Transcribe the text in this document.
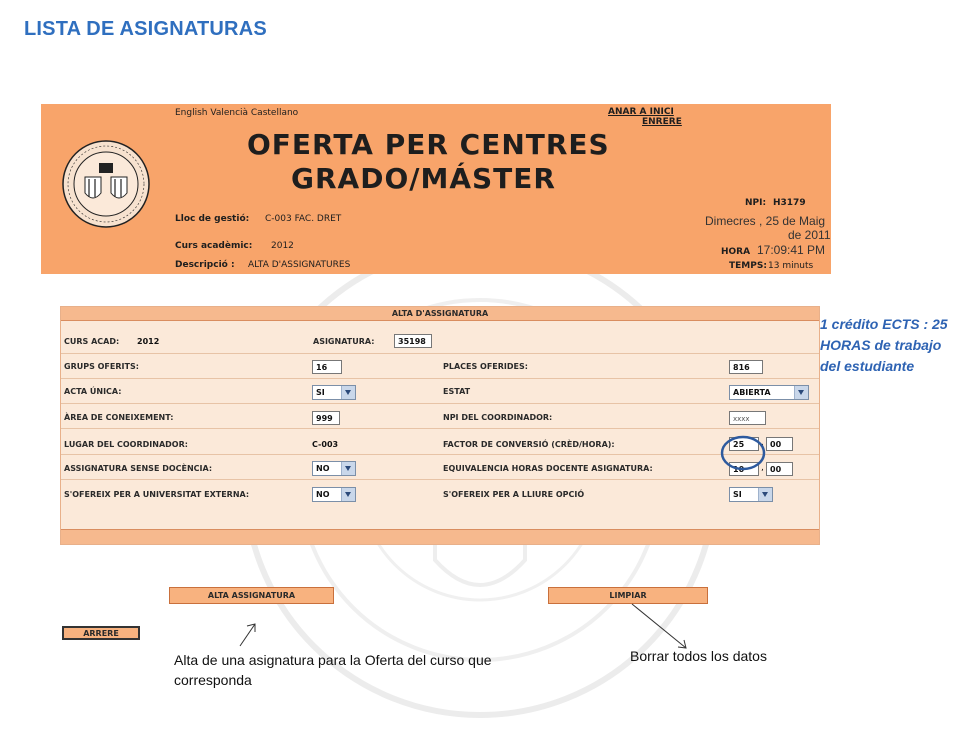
LISTA DE ASIGNATURAS
English Valencià Castellano	ANAR A INICI
ENRERE
OFERTA PER CENTRES
GRADO/MÁSTER
NPI: H3179
Lloc de gestió: C-003 FAC. DRET	Dimecres , 25 de Maig
de 2011
Curs acadèmic: 2012
HORA 17:09:41 PM
Descripció : ALTA D'ASSIGNATURES	TEMPS: 13 minuts
ALTA D'ASSIGNATURA
CURS ACAD: 2012	ASIGNATURA:	35198
GRUPS OFERITS:	16	PLACES OFERIDES:	816
ACTA ÚNICA:	SI	ESTAT	ABIERTA
ÀREA DE CONEIXEMENT:	999	NPI DEL COORDINADOR:	xxxx
LUGAR DEL COORDINADOR:	C-003	FACTOR DE CONVERSIÓ (CRÈD/HORA):	25	, 00
ASSIGNATURA SENSE DOCÈNCIA:	NO	EQUIVALENCIA HORAS DOCENTE ASIGNATURA:	10	, 00
S'OFEREIX PER A UNIVERSITAT EXTERNA:	NO	S'OFEREIX PER A LLIURE OPCIÓ	SI
ALTA ASSIGNATURA	LIMPIAR
ARRERE
1 crédito ECTS : 25 HORAS de trabajo del estudiante
Alta de una asignatura para la Oferta del curso que corresponda
Borrar todos los datos
